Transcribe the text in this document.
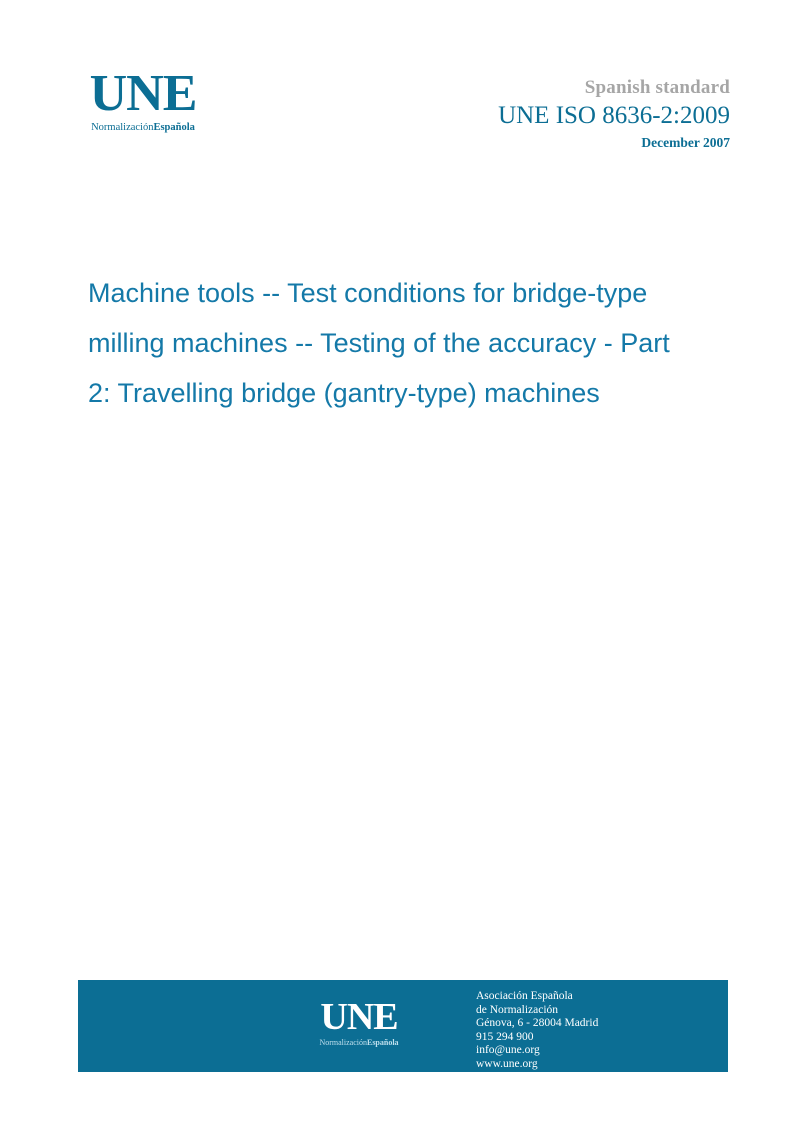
UNE
NormalizaciónEspañola
Spanish standard
UNE ISO 8636-2:2009
December 2007
Machine tools -- Test conditions for bridge-type
milling machines -- Testing of the accuracy - Part
2: Travelling bridge (gantry-type) machines
UNE
NormalizaciónEspañola
Asociación Española
de Normalización
Génova, 6 - 28004 Madrid
915 294 900
info@une.org
www.une.org
